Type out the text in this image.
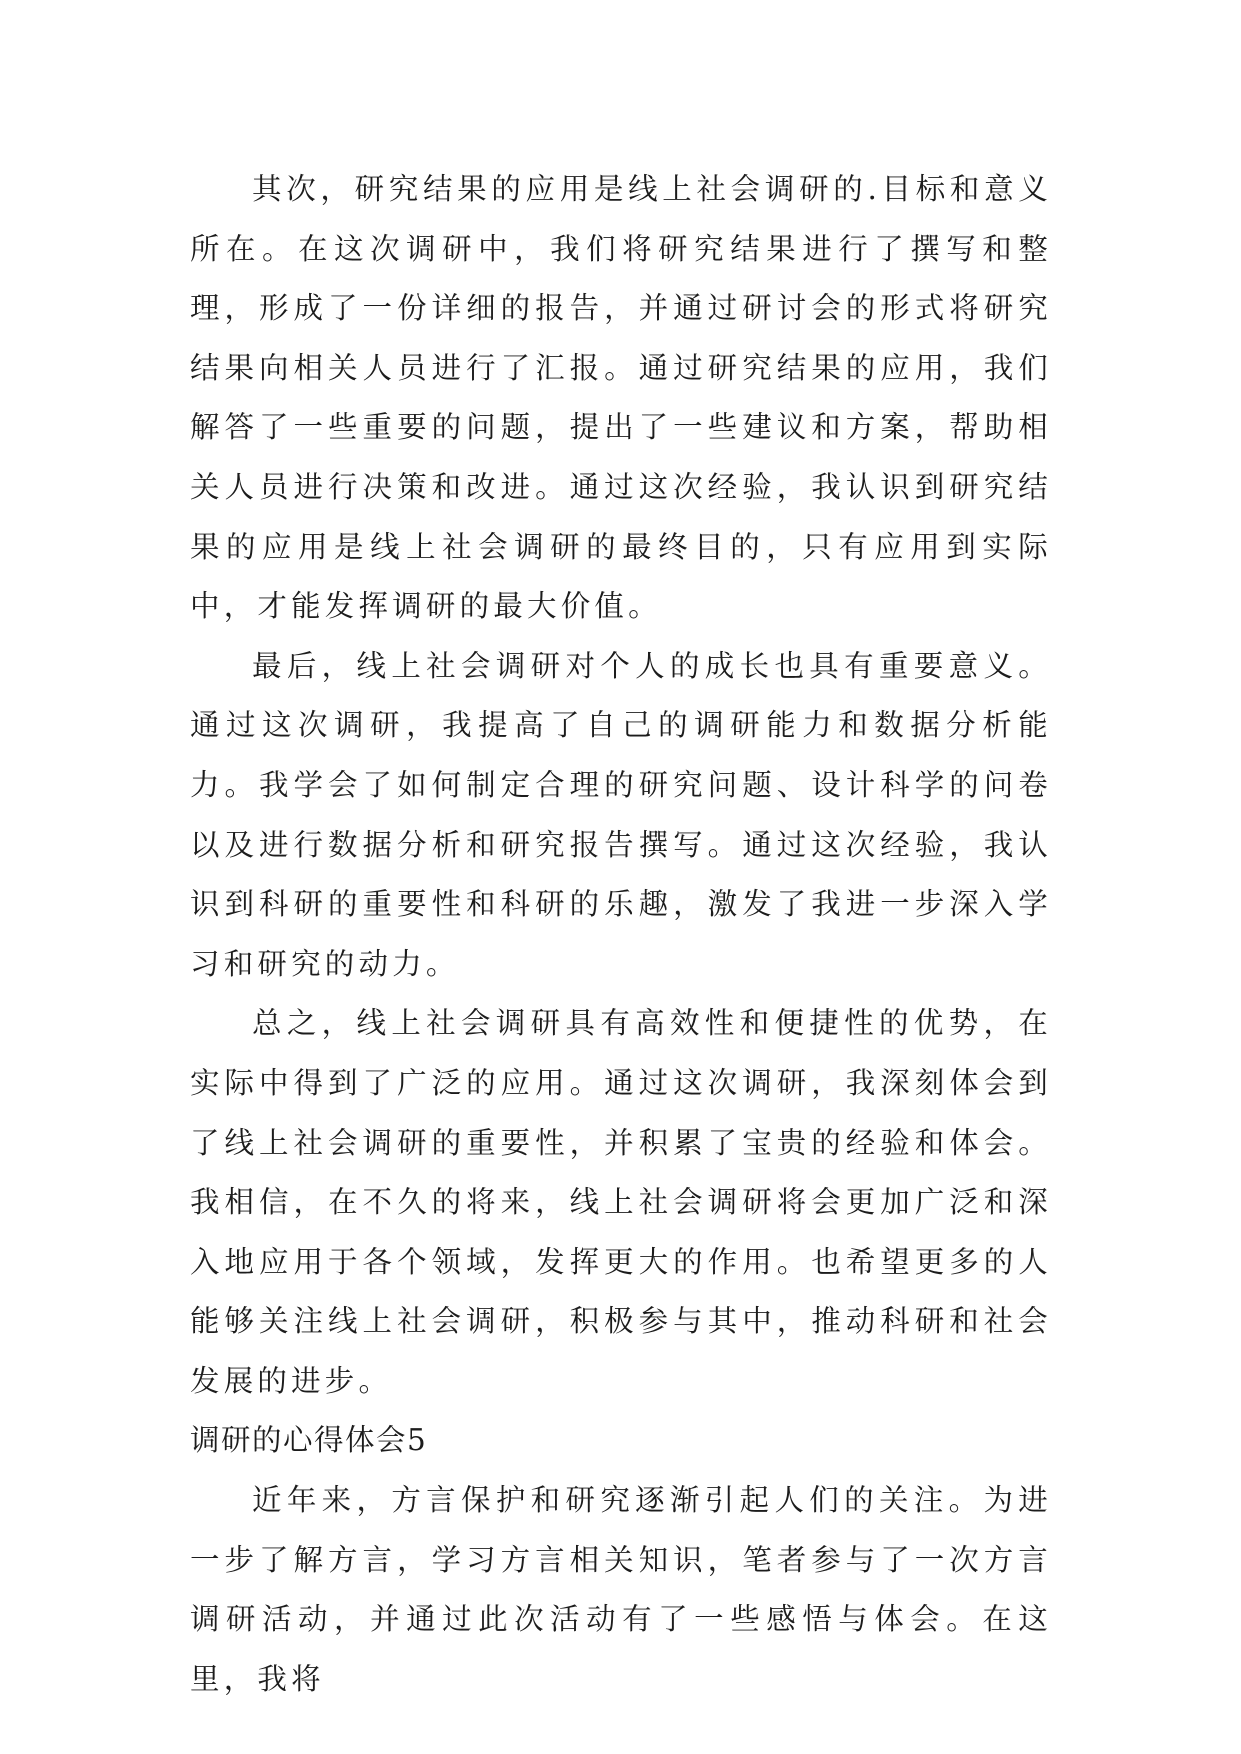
其次，研究结果的应用是线上社会调研的.目标和意义所在。在这次调研中，我们将研究结果进行了撰写和整理，形成了一份详细的报告，并通过研讨会的形式将研究结果向相关人员进行了汇报。通过研究结果的应用，我们解答了一些重要的问题，提出了一些建议和方案，帮助相关人员进行决策和改进。通过这次经验，我认识到研究结果的应用是线上社会调研的最终目的，只有应用到实际中，才能发挥调研的最大价值。

最后，线上社会调研对个人的成长也具有重要意义。通过这次调研，我提高了自己的调研能力和数据分析能力。我学会了如何制定合理的研究问题、设计科学的问卷以及进行数据分析和研究报告撰写。通过这次经验，我认识到科研的重要性和科研的乐趣，激发了我进一步深入学习和研究的动力。

总之，线上社会调研具有高效性和便捷性的优势，在实际中得到了广泛的应用。通过这次调研，我深刻体会到了线上社会调研的重要性，并积累了宝贵的经验和体会。我相信，在不久的将来，线上社会调研将会更加广泛和深入地应用于各个领域，发挥更大的作用。也希望更多的人能够关注线上社会调研，积极参与其中，推动科研和社会发展的进步。

调研的心得体会5

近年来，方言保护和研究逐渐引起人们的关注。为进一步了解方言，学习方言相关知识，笔者参与了一次方言调研活动，并通过此次活动有了一些感悟与体会。在这里，我将
